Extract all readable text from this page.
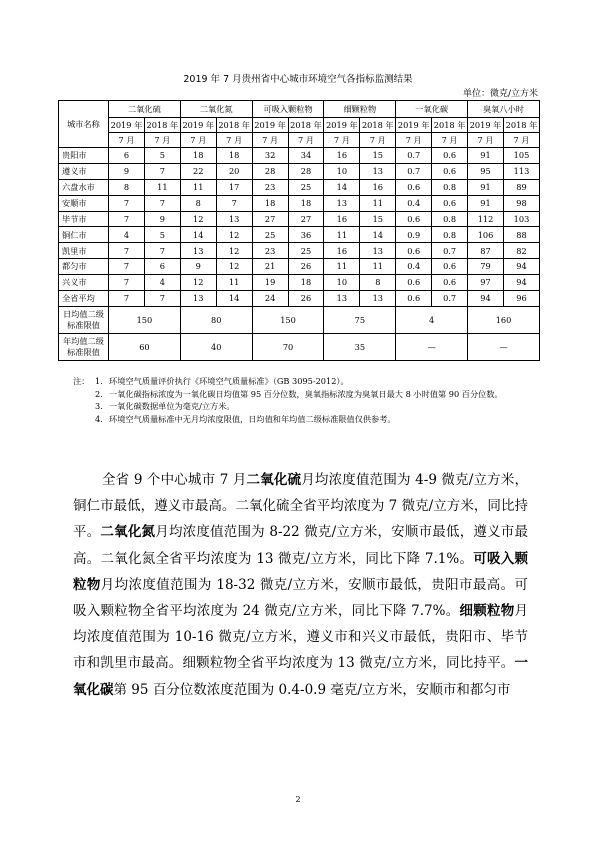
2019 年 7 月贵州省中心城市环境空气各指标监测结果
单位：微克/立方米
城市名称	二氧化硫		二氧化氮		可吸入颗粒物		细颗粒物		一氧化碳		臭氧八小时	
	2019 年	2018 年	2019 年	2018 年	2019 年	2018 年	2019 年	2018 年	2019 年	2018 年	2019 年	2018 年
	7 月	7 月	7 月	7 月	7 月	7 月	7 月	7 月	7 月	7 月	7 月	7 月
贵阳市	6	5	18	18	32	34	16	15	0.7	0.6	91	105
遵义市	9	7	22	20	28	28	10	13	0.7	0.6	95	113
六盘水市	8	11	11	17	23	25	14	16	0.6	0.8	91	89
安顺市	7	7	8	7	18	18	13	11	0.4	0.6	91	98
毕节市	7	9	12	13	27	27	16	15	0.6	0.8	112	103
铜仁市	4	5	14	12	25	36	11	14	0.9	0.8	106	88
凯里市	7	7	13	12	23	25	16	13	0.6	0.7	87	82
都匀市	7	6	9	12	21	26	11	11	0.4	0.6	79	94
兴义市	7	4	12	11	19	18	10	8	0.6	0.6	97	94
全省平均	7	7	13	14	24	26	13	13	0.6	0.7	94	96
日均值二级标准限值	150		80		150		75		4		160	
年均值二级标准限值	60		40		70		35		—		—	
注： 1. 环境空气质量评价执行《环境空气质量标准》（GB 3095-2012）。
2. 一氧化碳指标浓度为一氧化碳日均值第 95 百分位数，臭氧指标浓度为臭氧日最大 8 小时值第 90 百分位数。
3. 一氧化碳数据单位为毫克/立方米。
4. 环境空气质量标准中无月均浓度限值，日均值和年均值二级标准限值仅供参考。

全省 9 个中心城市 7 月二氧化硫月均浓度值范围为 4-9 微克/立方米，铜仁市最低，遵义市最高。二氧化硫全省平均浓度为 7 微克/立方米，同比持平。二氧化氮月均浓度值范围为 8-22 微克/立方米，安顺市最低，遵义市最高。二氧化氮全省平均浓度为 13 微克/立方米，同比下降 7.1%。可吸入颗粒物月均浓度值范围为 18-32 微克/立方米，安顺市最低，贵阳市最高。可吸入颗粒物全省平均浓度为 24 微克/立方米，同比下降 7.7%。细颗粒物月均浓度值范围为 10-16 微克/立方米，遵义市和兴义市最低，贵阳市、毕节市和凯里市最高。细颗粒物全省平均浓度为 13 微克/立方米，同比持平。一氧化碳第 95 百分位数浓度范围为 0.4-0.9 毫克/立方米，安顺市和都匀市

2
